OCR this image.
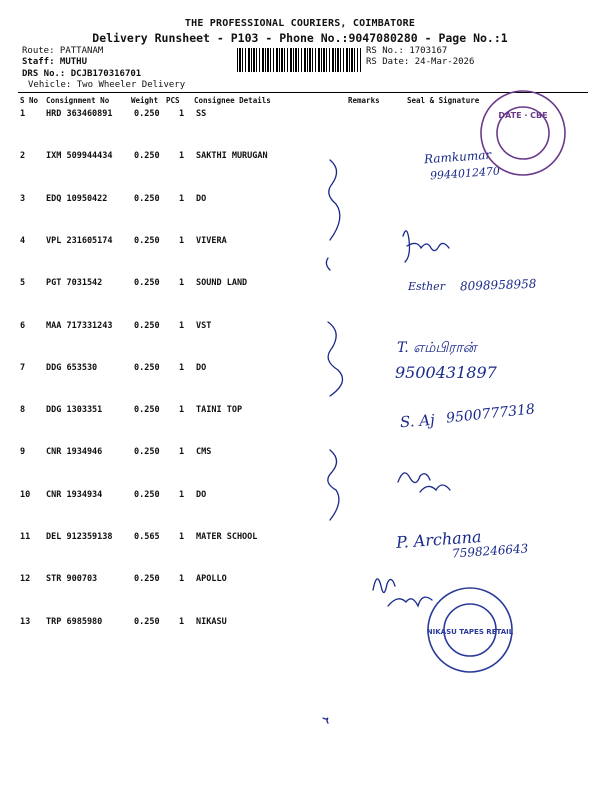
THE PROFESSIONAL COURIERS, COIMBATORE
Delivery Runsheet - P103 - Phone No.:9047080280 - Page No.:1
Route: PATTANAM
Staff: MUTHU
DRS No.: DCJB170316701
Vehicle: Two Wheeler Delivery
RS No.: 1703167
RS Date: 24-Mar-2026
S No Consignment No	Weight PCS Consignee Details	Remarks	Seal & Signature
1 HRD 363460891	0.250 1 SS
2 IXM 509944434	0.250 1 SAKTHI MURUGAN
3 EDQ 10950422	0.250 1 DO
4 VPL 231605174	0.250 1 VIVERA
5 PGT 7031542	0.250 1 SOUND LAND
6 MAA 717331243	0.250 1 VST
7 DDG 653530	0.250 1 DO
8 DDG 1303351	0.250 1 TAINI TOP
9 CNR 1934946	0.250 1 CMS
10 CNR 1934934	0.250 1 DO
11 DEL 912359138	0.565 1 MATER SCHOOL
12 STR 900703	0.250 1 APOLLO
13 TRP 6985980	0.250 1 NIKASU
Ramkumar
9944012470
Esther 8098958958
T. எம்பிரான்
9500431897
S. Aj 9500777318
P. Archana
7598246643
DATE · CBE
NIKASU TAPES RETAIL
